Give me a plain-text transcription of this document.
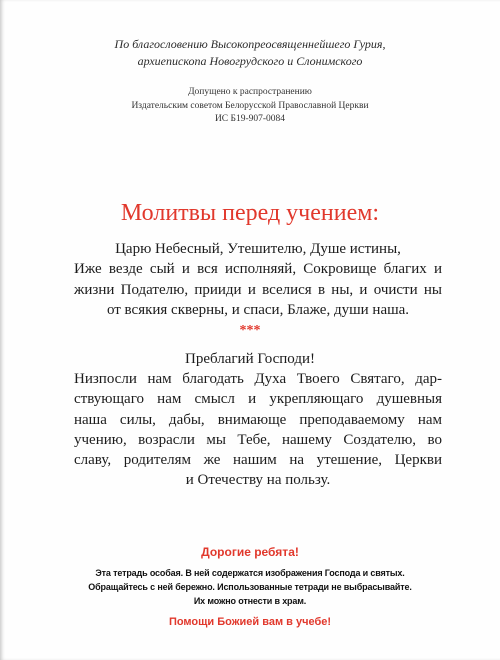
По благословению Высокопреосвященнейшего Гурия,
архиепископа Новогрудского и Слонимского
Допущено к распространению
Издательским советом Белорусской Православной Церкви
ИС Б19-907-0084
Молитвы перед учением:
Царю Небесный, Утешителю, Душе истины,
Иже везде сый и вся исполняяй, Сокровище благих и
жизни Подателю, прииди и вселися в ны, и очисти ны
от всякия скверны, и спаси, Блаже, души наша.
***
Преблагий Господи!
Низпосли нам благодать Духа Твоего Святаго, дар-
ствующаго нам смысл и укрепляющаго душевныя
наша силы, дабы, внимающе преподаваемому нам
учению, возрасли мы Тебе, нашему Создателю, во
славу, родителям же нашим на утешение, Церкви
и Отечеству на пользу.
Дорогие ребята!
Эта тетрадь особая. В ней содержатся изображения Господа и святых.
Обращайтесь с ней бережно. Использованные тетради не выбрасывайте.
Их можно отнести в храм.
Помощи Божией вам в учебе!
